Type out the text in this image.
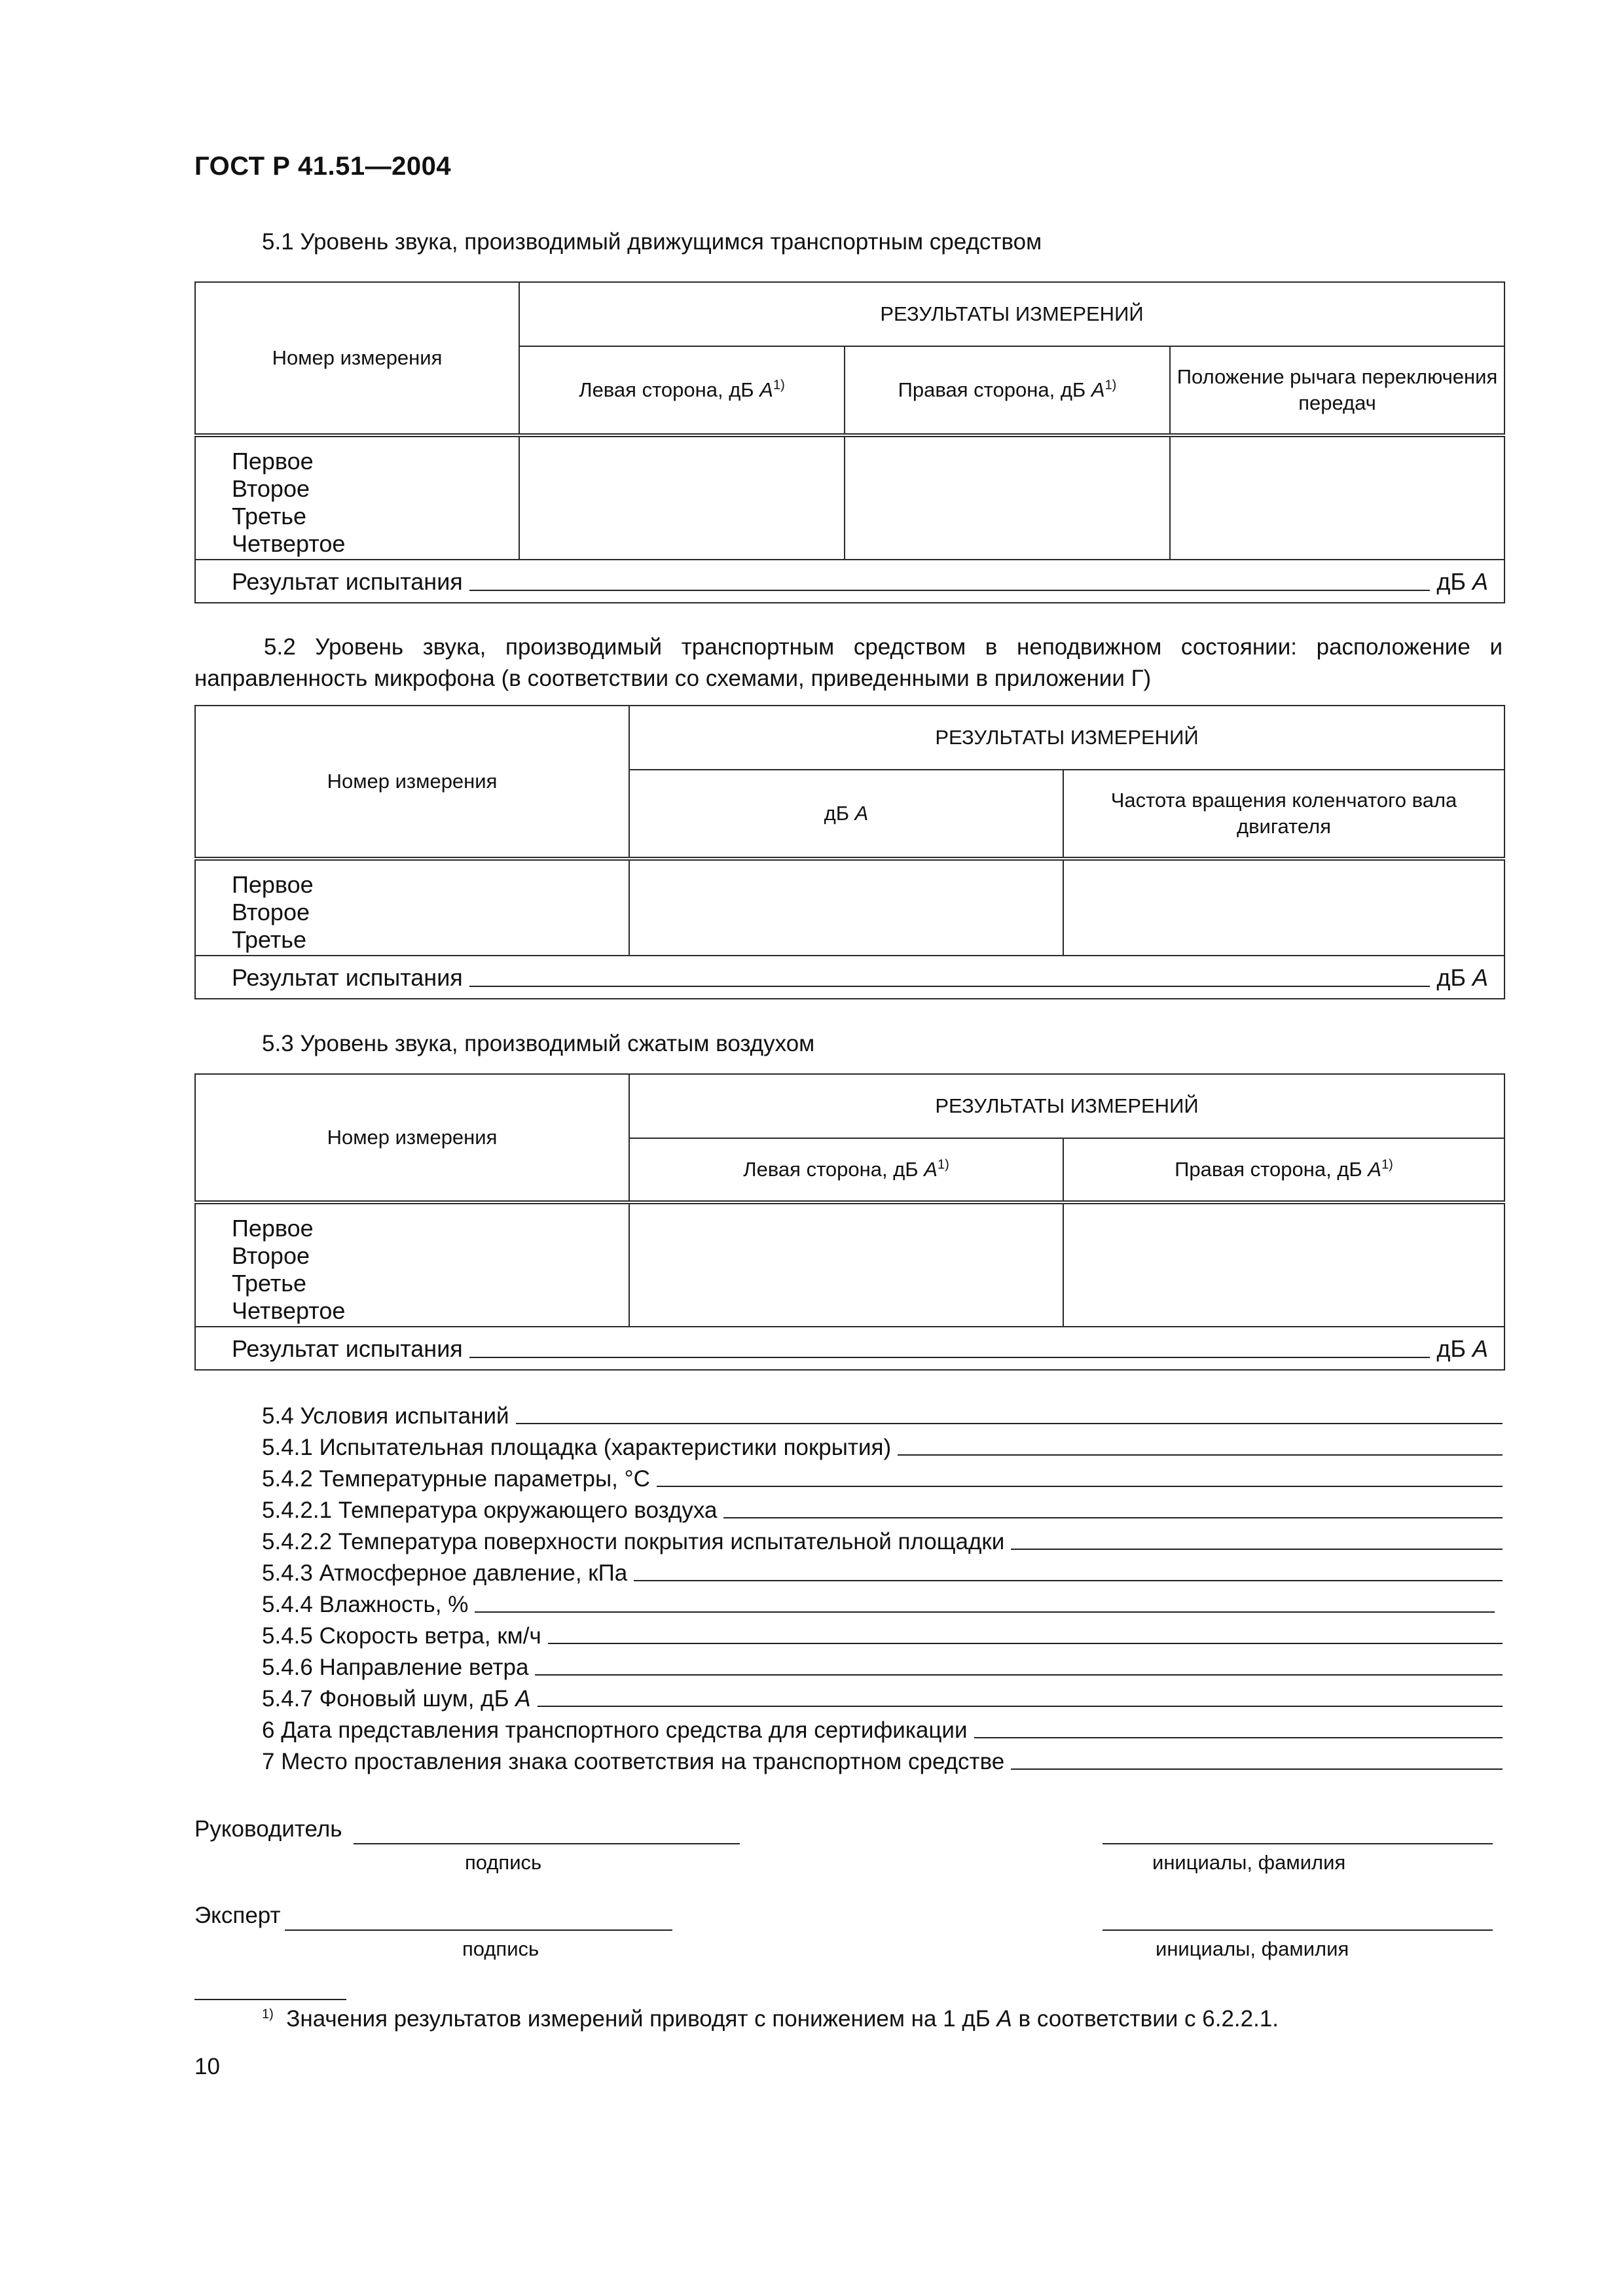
ГОСТ Р 41.51—2004
5.1 Уровень звука, производимый движущимся транспортным средством
Номер измерения	РЕЗУЛЬТАТЫ ИЗМЕРЕНИЙ		
	Левая сторона, дБ $A^{1)}$	Правая сторона, дБ $A^{1)}$	Положение рычага переключения передач

Первое
Второе
Третье
Четвертое			

Результат испытания дБ A			
5.2 Уровень звука, производимый транспортным средством в неподвижном состоянии: расположение и направленность микрофона (в соответствии со схемами, приведенными в приложении Г)
Номер измерения	РЕЗУЛЬТАТЫ ИЗМЕРЕНИЙ	
	дБ A	Частота вращения коленчатого вала двигателя

Первое
Второе
Третье		

Результат испытания дБ A		
5.3 Уровень звука, производимый сжатым воздухом
Номер измерения	РЕЗУЛЬТАТЫ ИЗМЕРЕНИЙ	
	Левая сторона, дБ $A^{1)}$	Правая сторона, дБ $A^{1)}$

Первое
Второе
Третье
Четвертое		

Результат испытания дБ A		
5.4 Условия испытаний
5.4.1 Испытательная площадка (характеристики покрытия)
5.4.2 Температурные параметры, °С
5.4.2.1 Температура окружающего воздуха
5.4.2.2 Температура поверхности покрытия испытательной площадки
5.4.3 Атмосферное давление, кПа
5.4.4 Влажность, %
5.4.5 Скорость ветра, км/ч
5.4.6 Направление ветра
5.4.7 Фоновый шум, дБ A
6 Дата представления транспортного средства для сертификации
7 Место проставления знака соответствия на транспортном средстве
Руководитель
подпись	инициалы, фамилия
Эксперт
подпись	инициалы, фамилия
$^{1)}$ Значения результатов измерений приводят с понижением на 1 дБ A в соответствии с 6.2.2.1.
10
